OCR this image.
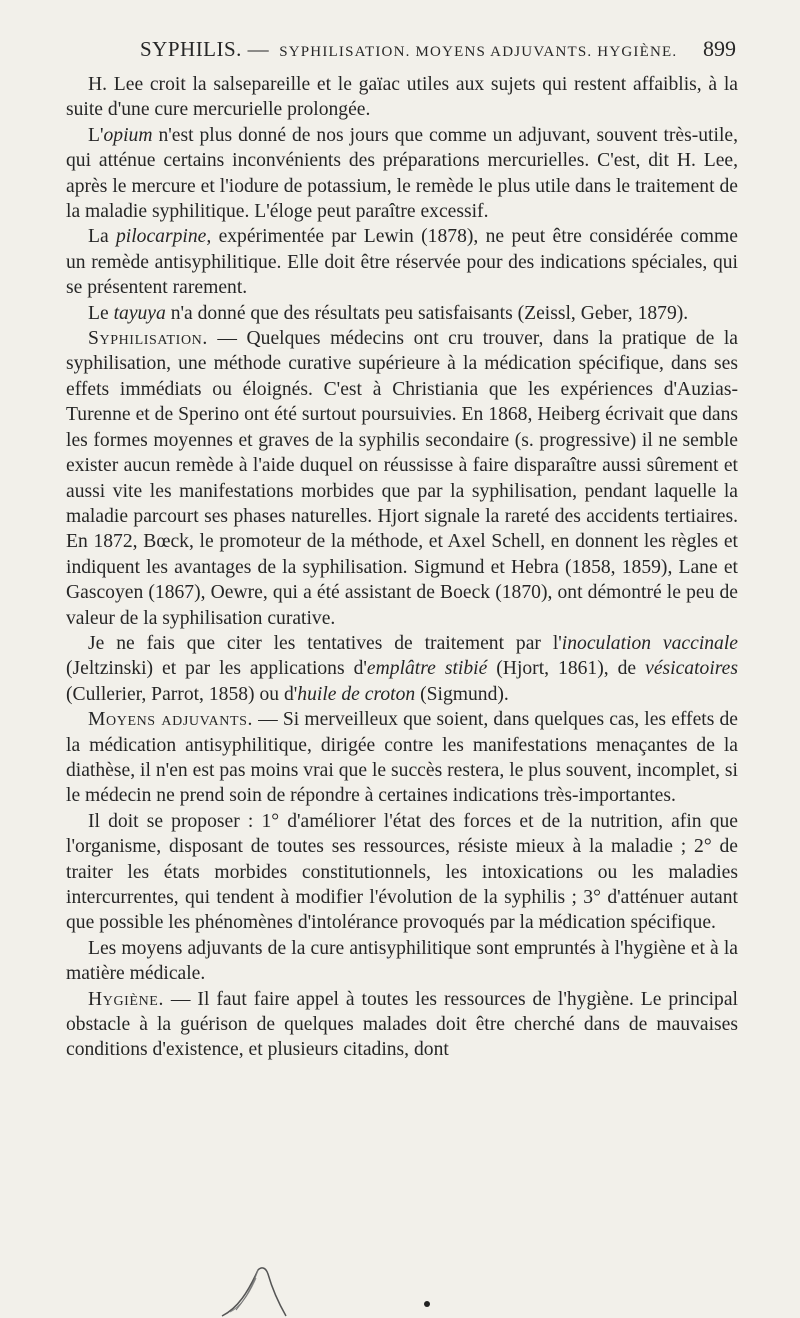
SYPHILIS. — SYPHILISATION. MOYENS ADJUVANTS. HYGIÈNE. 899

H. Lee croit la salsepareille et le gaïac utiles aux sujets qui restent affaiblis, à la suite d'une cure mercurielle prolongée.

L'opium n'est plus donné de nos jours que comme un adjuvant, souvent très-utile, qui atténue certains inconvénients des préparations mercurielles. C'est, dit H. Lee, après le mercure et l'iodure de potassium, le remède le plus utile dans le traitement de la maladie syphilitique. L'éloge peut paraître excessif.

La pilocarpine, expérimentée par Lewin (1878), ne peut être considérée comme un remède antisyphilitique. Elle doit être réservée pour des indications spéciales, qui se présentent rarement.

Le tayuya n'a donné que des résultats peu satisfaisants (Zeissl, Geber, 1879).

Syphilisation. — Quelques médecins ont cru trouver, dans la pratique de la syphilisation, une méthode curative supérieure à la médication spécifique, dans ses effets immédiats ou éloignés. C'est à Christiania que les expériences d'Auzias-Turenne et de Sperino ont été surtout poursuivies. En 1868, Heiberg écrivait que dans les formes moyennes et graves de la syphilis secondaire (s. progressive) il ne semble exister aucun remède à l'aide duquel on réussisse à faire disparaître aussi sûrement et aussi vite les manifestations morbides que par la syphilisation, pendant laquelle la maladie parcourt ses phases naturelles. Hjort signale la rareté des accidents tertiaires. En 1872, Bœck, le promoteur de la méthode, et Axel Schell, en donnent les règles et indiquent les avantages de la syphilisation. Sigmund et Hebra (1858, 1859), Lane et Gascoyen (1867), Oewre, qui a été assistant de Boeck (1870), ont démontré le peu de valeur de la syphilisation curative.

Je ne fais que citer les tentatives de traitement par l'inoculation vaccinale (Jeltzinski) et par les applications d'emplâtre stibié (Hjort, 1861), de vésicatoires (Cullerier, Parrot, 1858) ou d'huile de croton (Sigmund).

Moyens adjuvants. — Si merveilleux que soient, dans quelques cas, les effets de la médication antisyphilitique, dirigée contre les manifestations menaçantes de la diathèse, il n'en est pas moins vrai que le succès restera, le plus souvent, incomplet, si le médecin ne prend soin de répondre à certaines indications très-importantes.

Il doit se proposer : 1° d'améliorer l'état des forces et de la nutrition, afin que l'organisme, disposant de toutes ses ressources, résiste mieux à la maladie ; 2° de traiter les états morbides constitutionnels, les intoxications ou les maladies intercurrentes, qui tendent à modifier l'évolution de la syphilis ; 3° d'atténuer autant que possible les phénomènes d'intolérance provoqués par la médication spécifique.

Les moyens adjuvants de la cure antisyphilitique sont empruntés à l'hygiène et à la matière médicale.

Hygiène. — Il faut faire appel à toutes les ressources de l'hygiène. Le principal obstacle à la guérison de quelques malades doit être cherché dans de mauvaises conditions d'existence, et plusieurs citadins, dont
